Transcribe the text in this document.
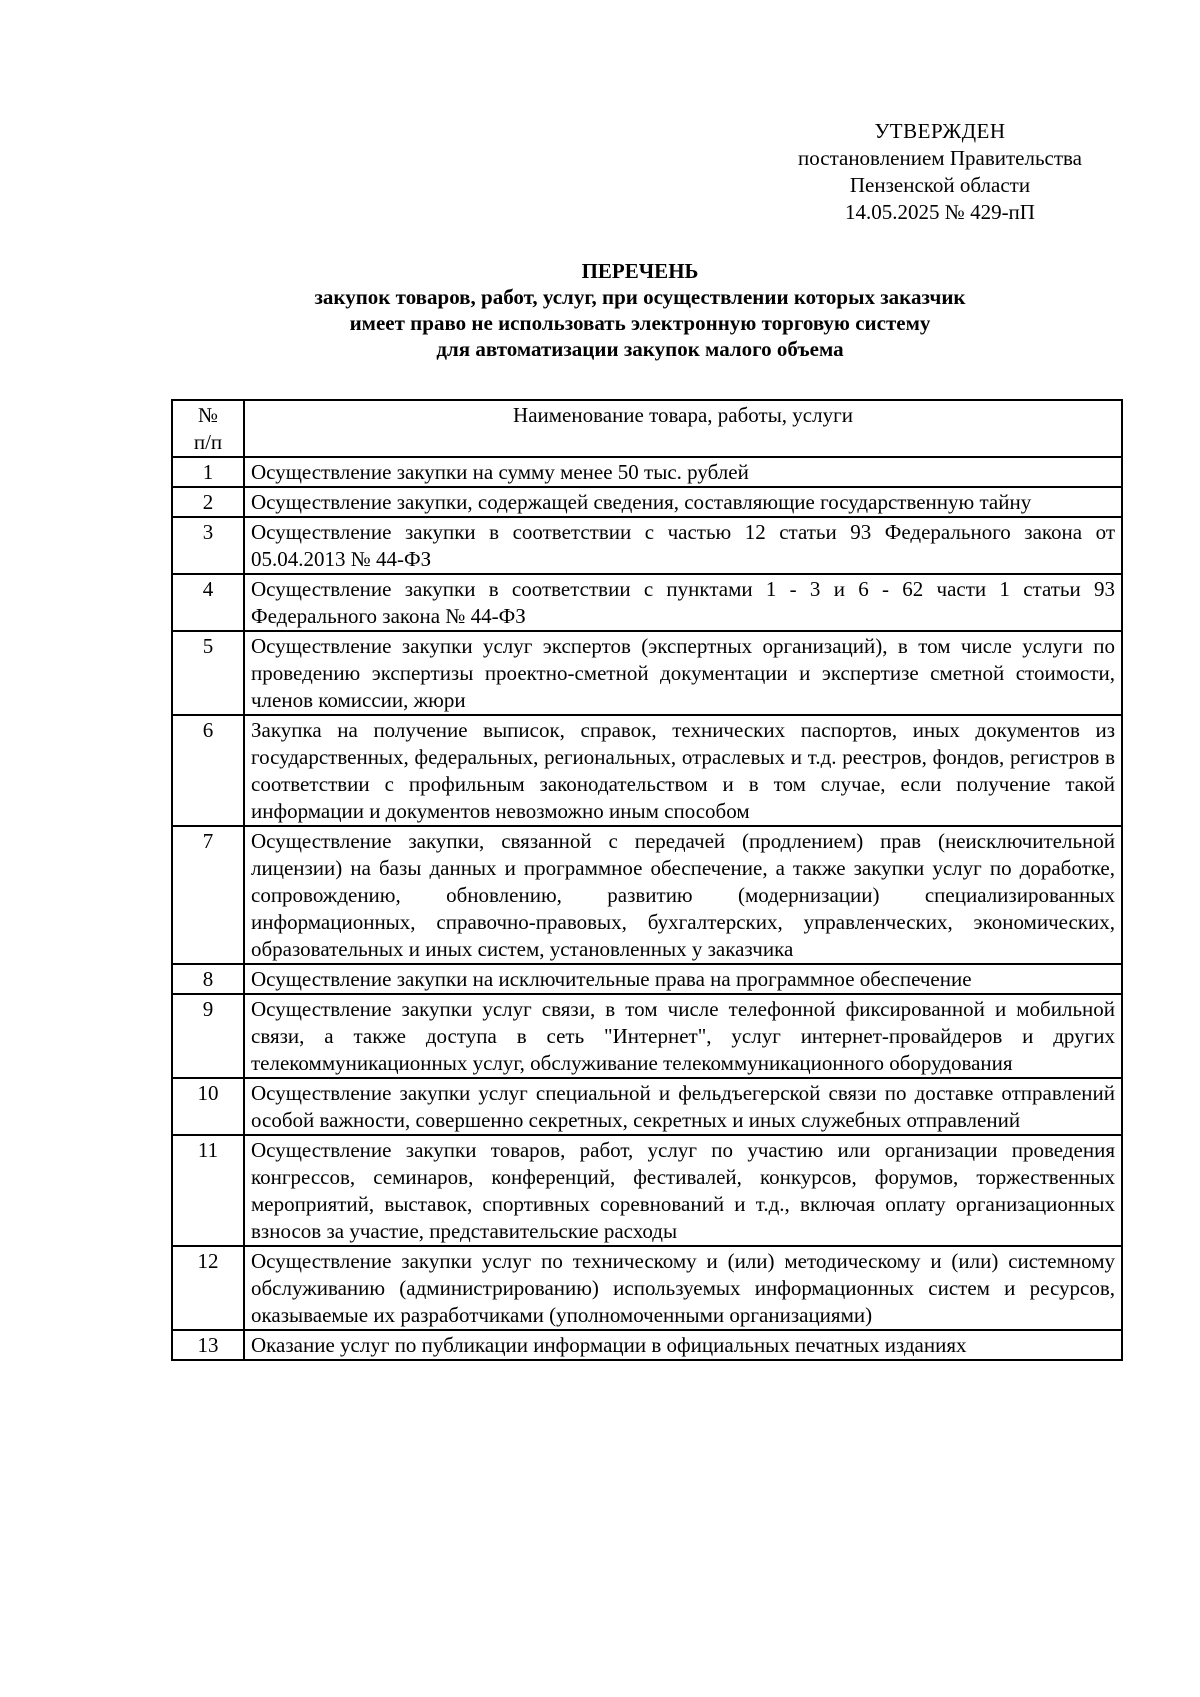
УТВЕРЖДЕН
постановлением Правительства
Пензенской области
14.05.2025 № 429-пП
ПЕРЕЧЕНЬ
закупок товаров, работ, услуг, при осуществлении которых заказчик
имеет право не использовать электронную торговую систему
для автоматизации закупок малого объема
№
п/п	Наименование товара, работы, услуги
1	Осуществление закупки на сумму менее 50 тыс. рублей
2	Осуществление закупки, содержащей сведения, составляющие государственную тайну
3	Осуществление закупки в соответствии с частью 12 статьи 93 Федерального закона от 05.04.2013 № 44-ФЗ
4	Осуществление закупки в соответствии с пунктами 1 - 3 и 6 - 62 части 1 статьи 93 Федерального закона № 44-ФЗ
5	Осуществление закупки услуг экспертов (экспертных организаций), в том числе услуги по проведению экспертизы проектно-сметной документации и экспертизе сметной стоимости, членов комиссии, жюри
6	Закупка на получение выписок, справок, технических паспортов, иных документов из государственных, федеральных, региональных, отраслевых и т.д. реестров, фондов, регистров в соответствии с профильным законодательством и в том случае, если получение такой информации и документов невозможно иным способом
7	Осуществление закупки, связанной с передачей (продлением) прав (неисключительной лицензии) на базы данных и программное обеспечение, а также закупки услуг по доработке, сопровождению, обновлению, развитию (модернизации) специализированных информационных, справочно-правовых, бухгалтерских, управленческих, экономических, образовательных и иных систем, установленных у заказчика
8	Осуществление закупки на исключительные права на программное обеспечение
9	Осуществление закупки услуг связи, в том числе телефонной фиксированной и мобильной связи, а также доступа в сеть "Интернет", услуг интернет-провайдеров и других телекоммуникационных услуг, обслуживание телекоммуникационного оборудования
10	Осуществление закупки услуг специальной и фельдъегерской связи по доставке отправлений особой важности, совершенно секретных, секретных и иных служебных отправлений
11	Осуществление закупки товаров, работ, услуг по участию или организации проведения конгрессов, семинаров, конференций, фестивалей, конкурсов, форумов, торжественных мероприятий, выставок, спортивных соревнований и т.д., включая оплату организационных взносов за участие, представительские расходы
12	Осуществление закупки услуг по техническому и (или) методическому и (или) системному обслуживанию (администрированию) используемых информационных систем и ресурсов, оказываемые их разработчиками (уполномоченными организациями)
13	Оказание услуг по публикации информации в официальных печатных изданиях
